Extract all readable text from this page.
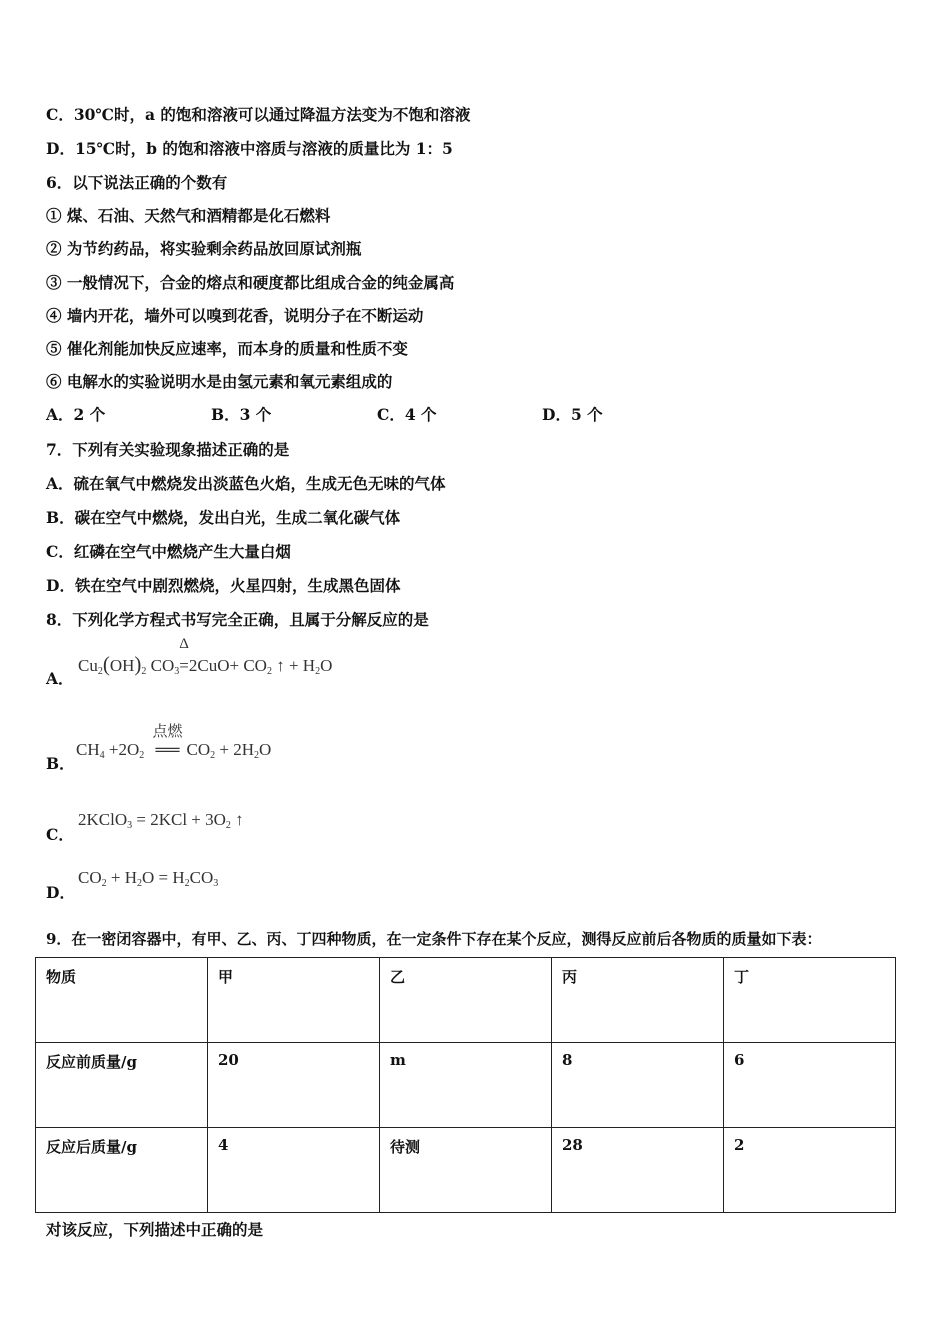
C．30℃时，a 的饱和溶液可以通过降温方法变为不饱和溶液
D．15℃时，b 的饱和溶液中溶质与溶液的质量比为 1：5
6．以下说法正确的个数有
① 煤、石油、天然气和酒精都是化石燃料
② 为节约药品，将实验剩余药品放回原试剂瓶
③ 一般情况下，合金的熔点和硬度都比组成合金的纯金属高
④ 墙内开花，墙外可以嗅到花香，说明分子在不断运动
⑤ 催化剂能加快反应速率，而本身的质量和性质不变
⑥ 电解水的实验说明水是由氢元素和氧元素组成的
A．2 个	B．3 个	C．4 个	D．5 个
7．下列有关实验现象描述正确的是
A．硫在氧气中燃烧发出淡蓝色火焰，生成无色无味的气体
B．碳在空气中燃烧，发出白光，生成二氧化碳气体
C．红磷在空气中燃烧产生大量白烟
D．铁在空气中剧烈燃烧，火星四射，生成黑色固体
8．下列化学方程式书写完全正确，且属于分解反应的是
A．
$Cu_2(OH)_2$ $CO_3=$
Δ
$2CuO+ CO_2$ ↑ + $H_2O$
B．
$CH_4 +2O_2$ ══
点燃
$CO_2 + 2H_2O$
C．
2KClO$_3$ = $2KCl + 3O_2$ ↑
D．
$CO_2 + H_2O = H_2CO_3$
9．在一密闭容器中，有甲、乙、丙、丁四种物质，在一定条件下存在某个反应，测得反应前后各物质的质量如下表：
物质	甲	乙	丙	丁
反应前质量/g	20	m	8	6
反应后质量/g	4	待测	28	2
对该反应，下列描述中正确的是
